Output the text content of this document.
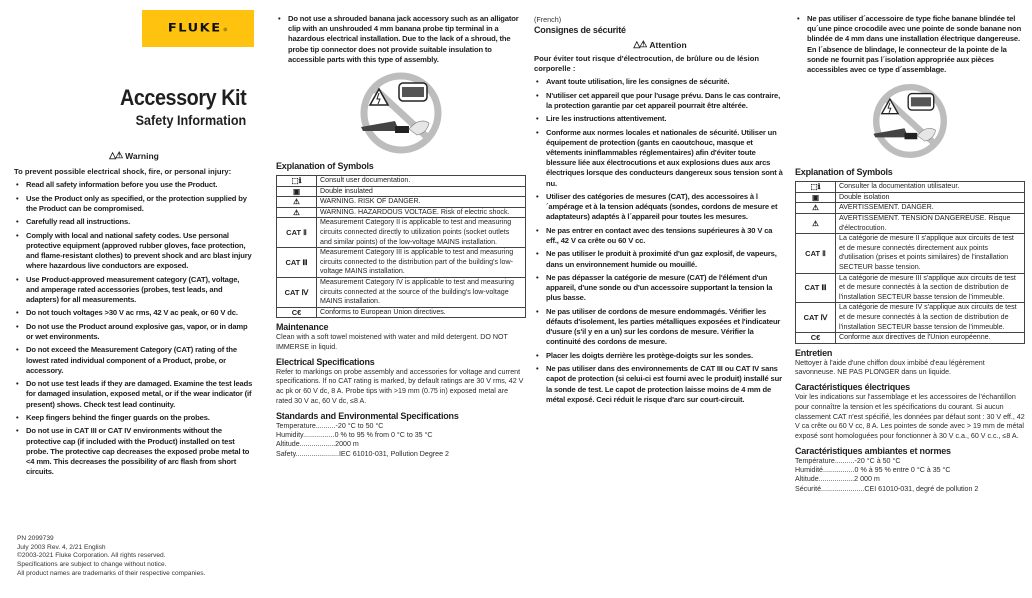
FLUKE ●
Accessory Kit
Safety Information
△⚠ Warning
To prevent possible electrical shock, fire, or personal injury:
• Read all safety information before you use the Product.
• Use the Product only as specified, or the protection supplied by the Product can be compromised.
• Carefully read all instructions.
• Comply with local and national safety codes. Use personal protective equipment (approved rubber gloves, face protection, and flame-resistant clothes) to prevent shock and arc blast injury where hazardous live conductors are exposed.
• Use Product-approved measurement category (CAT), voltage, and amperage rated accessories (probes, test leads, and adapters) for all measurements.
• Do not touch voltages >30 V ac rms, 42 V ac peak, or 60 V dc.
• Do not use the Product around explosive gas, vapor, or in damp or wet environments.
• Do not exceed the Measurement Category (CAT) rating of the lowest rated individual component of a Product, probe, or accessory.
• Do not use test leads if they are damaged. Examine the test leads for damaged insulation, exposed metal, or if the wear indicator (if present) shows. Check test lead continuity.
• Keep fingers behind the finger guards on the probes.
• Do not use in CAT III or CAT IV environments without the protective cap (if included with the Product) installed on test probe. The protective cap decreases the exposed probe metal to <4 mm. This decreases the possibility of arc flash from short circuits.
PN 2099739
July 2003 Rev. 4, 2/21 English
©2003-2021 Fluke Corporation. All rights reserved.
Specifications are subject to change without notice.
All product names are trademarks of their respective companies.
• Do not use a shrouded banana jack accessory such as an alligator clip with an unshrouded 4 mm banana probe tip terminal in a hazardous electrical installation. Due to the lack of a shroud, the probe tip connector does not provide suitable insulation to accessible parts with this type of assembly.
Explanation of Symbols
⬚ℹ	Consult user documentation.
▣	Double insulated
⚠	WARNING. RISK OF DANGER.
⚠	WARNING. HAZARDOUS VOLTAGE. Risk of electric shock.
CAT Ⅱ	Measurement Category II is applicable to test and measuring circuits connected directly to utilization points (socket outlets and similar points) of the low-voltage MAINS installation.
CAT Ⅲ	Measurement Category III is applicable to test and measuring circuits connected to the distribution part of the building's low-voltage MAINS installation.
CAT Ⅳ	Measurement Category IV is applicable to test and measuring circuits connected at the source of the building's low-voltage MAINS installation.
C€	Conforms to European Union directives.
Maintenance
Clean with a soft towel moistened with water and mild detergent. DO NOT IMMERSE in liquid.
Electrical Specifications
Refer to markings on probe assembly and accessories for voltage and current specifications. If no CAT rating is marked, by default ratings are 30 V rms, 42 V ac pk or 60 V dc, 8 A. Probe tips with >19 mm (0.75 in) exposed metal are rated 30 V ac, 60 V dc, ≤8 A.
Standards and Environmental Specifications
Temperature..........-20 °C to 50 °C
Humidity................0 % to 95 % from 0 °C to 35 °C
Altitude..................2000 m
Safety......................IEC 61010-031, Pollution Degree 2
(French)
Consignes de sécurité
△⚠ Attention
Pour éviter tout risque d'électrocution, de brûlure ou de lésion corporelle :
• Avant toute utilisation, lire les consignes de sécurité.
• N'utiliser cet appareil que pour l'usage prévu. Dans le cas contraire, la protection garantie par cet appareil pourrait être altérée.
• Lire les instructions attentivement.
• Conforme aux normes locales et nationales de sécurité. Utiliser un équipement de protection (gants en caoutchouc, masque et vêtements ininflammables réglementaires) afin d'éviter toute blessure liée aux électrocutions et aux explosions dues aux arcs électriques lorsque des conducteurs dangereux sous tension sont à nu.
• Utiliser des catégories de mesures (CAT), des accessoires à l´ampérage et à la tension adéquats (sondes, cordons de mesure et adaptateurs) adaptés à l´appareil pour toutes les mesures.
• Ne pas entrer en contact avec des tensions supérieures à 30 V ca eff., 42 V ca crête ou 60 V cc.
• Ne pas utiliser le produit à proximité d'un gaz explosif, de vapeurs, dans un environnement humide ou mouillé.
• Ne pas dépasser la catégorie de mesure (CAT) de l'élément d'un appareil, d'une sonde ou d'un accessoire supportant la tension la plus basse.
• Ne pas utiliser de cordons de mesure endommagés. Vérifier les défauts d'isolement, les parties métalliques exposées et l'indicateur d'usure (s'il y en a un) sur les cordons de mesure. Vérifier la continuité des cordons de mesure.
• Placer les doigts derrière les protège-doigts sur les sondes.
• Ne pas utiliser dans des environnements de CAT III ou CAT IV sans capot de protection (si celui-ci est fourni avec le produit) installé sur la sonde de test. Le capot de protection laisse moins de 4 mm de métal exposé. Ceci réduit le risque d'arc sur court-circuit.
• Ne pas utiliser d´accessoire de type fiche banane blindée tel qu´une pince crocodile avec une pointe de sonde banane non blindée de 4 mm dans une installation électrique dangereuse. En l´absence de blindage, le connecteur de la pointe de la sonde ne fournit pas l´isolation appropriée aux pièces accessibles avec ce type d´assemblage.
Explanation of Symbols
⬚ℹ	Consulter la documentation utilisateur.
▣	Double isolation
⚠	AVERTISSEMENT. DANGER.
⚠	AVERTISSEMENT. TENSION DANGEREUSE. Risque d'électrocution.
CAT Ⅱ	La catégorie de mesure II s'applique aux circuits de test et de mesure connectés directement aux points d'utilisation (prises et points similaires) de l'installation SECTEUR basse tension.
CAT Ⅲ	La catégorie de mesure III s'applique aux circuits de test et de mesure connectés à la section de distribution de l'installation SECTEUR basse tension de l'immeuble.
CAT Ⅳ	La catégorie de mesure IV s'applique aux circuits de test et de mesure connectés à la section de distribution de l'installation SECTEUR basse tension de l'immeuble.
C€	Conforme aux directives de l'Union européenne.
Entretien
Nettoyer à l'aide d'une chiffon doux imbibé d'eau légèrement savonneuse. NE PAS PLONGER dans un liquide.
Caractéristiques électriques
Voir les indications sur l'assemblage et les accessoires de l'échantillon pour connaître la tension et les spécifications du courant. Si aucun classement CAT n'est spécifié, les données par défaut sont : 30 V eff., 42 V ca crête ou 60 V cc, 8 A. Les pointes de sonde avec > 19 mm de métal exposé sont homologuées pour fonctionner à 30 V c.a., 60 V c.c., ≤8 A.
Caractéristiques ambiantes et normes
Température..........-20 °C à 50 °C
Humidité................0 % à 95 % entre 0 °C à 35 °C
Altitude..................2 000 m
Sécurité......................CEI 61010-031, degré de pollution 2
